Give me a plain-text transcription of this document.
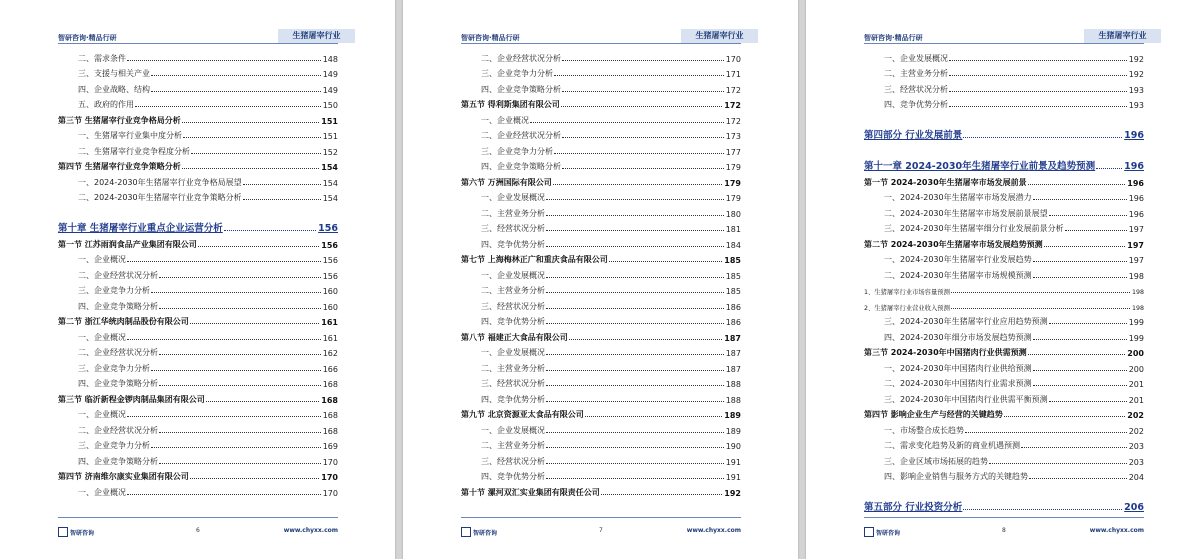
智研咨询·精品行研	生猪屠宰行业
二、需求条件	148
三、支援与相关产业	149
四、企业战略、结构	149
五、政府的作用	150
第三节 生猪屠宰行业竞争格局分析	151
一、生猪屠宰行业集中度分析	151
二、生猪屠宰行业竞争程度分析	152
第四节 生猪屠宰行业竞争策略分析	154
一、2024-2030年生猪屠宰行业竞争格局展望	154
二、2024-2030年生猪屠宰行业竞争策略分析	154
第十章 生猪屠宰行业重点企业运营分析	156
第一节 江苏雨润食品产业集团有限公司	156
一、企业概况	156
二、企业经营状况分析	156
三、企业竞争力分析	160
四、企业竞争策略分析	160
第二节 浙江华统肉制品股份有限公司	161
一、企业概况	161
二、企业经营状况分析	162
三、企业竞争力分析	166
四、企业竞争策略分析	168
第三节 临沂新程金锣肉制品集团有限公司	168
一、企业概况	168
二、企业经营状况分析	168
三、企业竞争力分析	169
四、企业竞争策略分析	170
第四节 济南维尔康实业集团有限公司	170
一、企业概况	170
智研咨询	6	www.chyxx.com
智研咨询·精品行研	生猪屠宰行业
二、企业经营状况分析	170
三、企业竞争力分析	171
四、企业竞争策略分析	172
第五节 得利斯集团有限公司	172
一、企业概况	172
二、企业经营状况分析	173
三、企业竞争力分析	177
四、企业竞争策略分析	179
第六节 万洲国际有限公司	179
一、企业发展概况	179
二、主营业务分析	180
三、经营状况分析	181
四、竞争优势分析	184
第七节 上海梅林正广和重庆食品有限公司	185
一、企业发展概况	185
二、主营业务分析	185
三、经营状况分析	186
四、竞争优势分析	186
第八节 福建正大食品有限公司	187
一、企业发展概况	187
二、主营业务分析	187
三、经营状况分析	188
四、竞争优势分析	188
第九节 北京资源亚太食品有限公司	189
一、企业发展概况	189
二、主营业务分析	190
三、经营状况分析	191
四、竞争优势分析	191
第十节 漯河双汇实业集团有限责任公司	192
智研咨询	7	www.chyxx.com
智研咨询·精品行研	生猪屠宰行业
一、企业发展概况	192
二、主营业务分析	192
三、经营状况分析	193
四、竞争优势分析	193
第四部分 行业发展前景	196
第十一章 2024-2030年生猪屠宰行业前景及趋势预测	196
第一节 2024-2030年生猪屠宰市场发展前景	196
一、2024-2030年生猪屠宰市场发展潜力	196
二、2024-2030年生猪屠宰市场发展前景展望	196
三、2024-2030年生猪屠宰细分行业发展前景分析	197
第二节 2024-2030年生猪屠宰市场发展趋势预测	197
一、2024-2030年生猪屠宰行业发展趋势	197
二、2024-2030年生猪屠宰市场规模预测	198
1、生猪屠宰行业市场容量预测	198
2、生猪屠宰行业营业收入预测	198
三、2024-2030年生猪屠宰行业应用趋势预测	199
四、2024-2030年细分市场发展趋势预测	199
第三节 2024-2030年中国猪肉行业供需预测	200
一、2024-2030年中国猪肉行业供给预测	200
二、2024-2030年中国猪肉行业需求预测	201
三、2024-2030年中国猪肉行业供需平衡预测	201
第四节 影响企业生产与经营的关键趋势	202
一、市场整合成长趋势	202
二、需求变化趋势及新的商业机遇预测	203
三、企业区域市场拓展的趋势	203
四、影响企业销售与服务方式的关键趋势	204
第五部分 行业投资分析	206
智研咨询	8	www.chyxx.com
